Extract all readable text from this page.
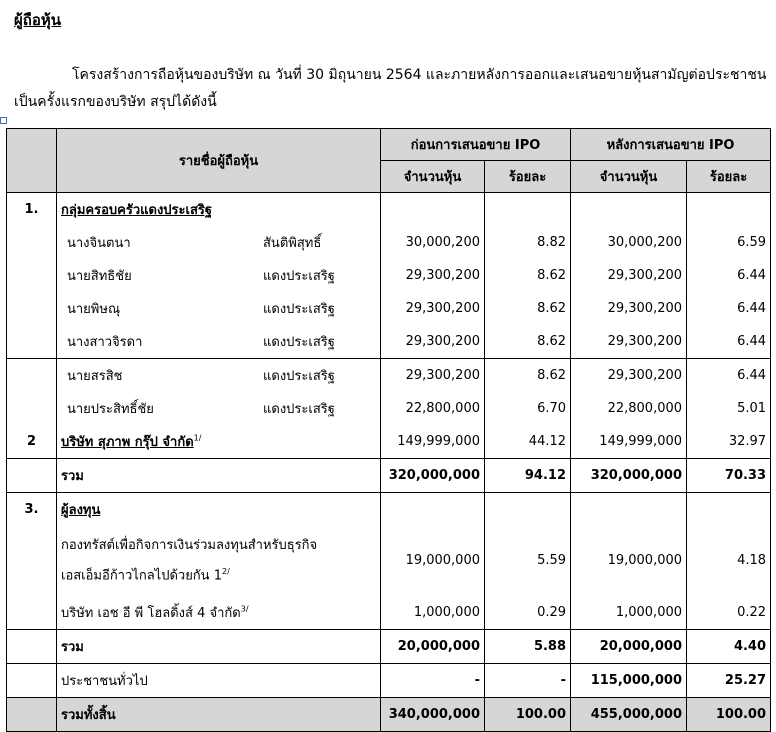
ผู้ถือหุ้น
โครงสร้างการถือหุ้นของบริษัท ณ วันที่ 30 มิถุนายน 2564 และภายหลังการออกและเสนอขายหุ้นสามัญต่อประชาชนเป็นครั้งแรกของบริษัท สรุปได้ดังนี้
	รายชื่อผู้ถือหุ้น	ก่อนการเสนอขาย IPO		หลังการเสนอขาย IPO	
		จำนวนหุ้น	ร้อยละ	จำนวนหุ้น	ร้อยละ
1.	กลุ่มครอบครัวแดงประเสริฐ				
	นางจินตนา สันติพิสุทธิ์	30,000,200	8.82	30,000,200	6.59
	นายสิทธิชัย แดงประเสริฐ	29,300,200	8.62	29,300,200	6.44
	นายพิษณุ แดงประเสริฐ	29,300,200	8.62	29,300,200	6.44
	นางสาวจิรดา แดงประเสริฐ	29,300,200	8.62	29,300,200	6.44
	นายสรสิช แดงประเสริฐ	29,300,200	8.62	29,300,200	6.44
	นายประสิทธิ์ชัย แดงประเสริฐ	22,800,000	6.70	22,800,000	5.01
2	บริษัท สุภาพ กรุ๊ป จำกัด$^{1/}$	149,999,000	44.12	149,999,000	32.97
	รวม	320,000,000	94.12	320,000,000	70.33
3.	ผู้ลงทุน				

	กองทรัสต์เพื่อกิจการเงินร่วมลงทุนสำหรับธุรกิจ
เอสเอ็มอีก้าวไกลไปด้วยกัน $1^{2/}$	19,000,000	5.59	19,000,000	4.18
	บริษัท เอช อี พี โฮลดิ้งส์ 4 จำกัด$^{3/}$	1,000,000	0.29	1,000,000	0.22
	รวม	20,000,000	5.88	20,000,000	4.40
	ประชาชนทั่วไป	-	-	115,000,000	25.27
	รวมทั้งสิ้น	340,000,000	100.00	455,000,000	100.00
